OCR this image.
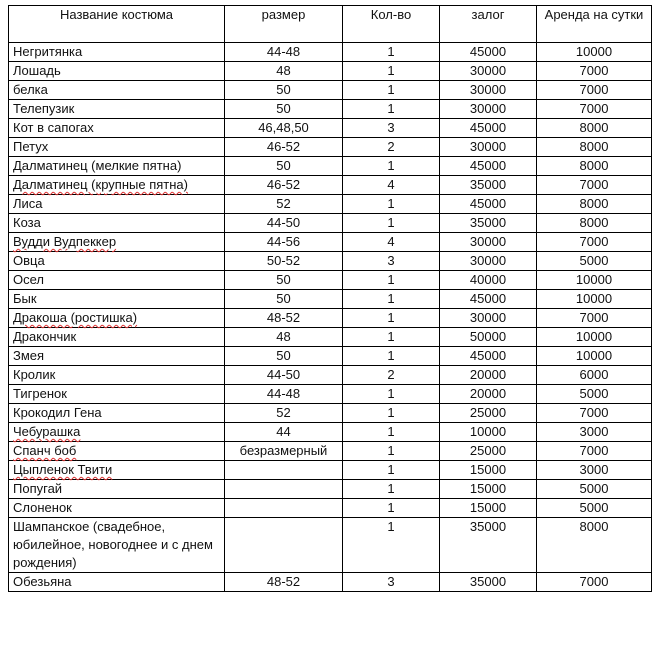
Название костюма	размер	Кол-во	залог	Аренда на сутки
Негритянка	44-48	1	45000	10000
Лошадь	48	1	30000	7000
белка	50	1	30000	7000
Телепузик	50	1	30000	7000
Кот в сапогах	46,48,50	3	45000	8000
Петух	46-52	2	30000	8000
Далматинец (мелкие пятна)	50	1	45000	8000
Далматинец (крупные пятна)	46-52	4	35000	7000
Лиса	52	1	45000	8000
Коза	44-50	1	35000	8000
Вудди Вудпеккер	44-56	4	30000	7000
Овца	50-52	3	30000	5000
Осел	50	1	40000	10000
Бык	50	1	45000	10000
Дракоша (ростишка)	48-52	1	30000	7000
Дракончик	48	1	50000	10000
Змея	50	1	45000	10000
Кролик	44-50	2	20000	6000
Тигренок	44-48	1	20000	5000
Крокодил Гена	52	1	25000	7000
Чебурашка	44	1	10000	3000
Спанч боб	безразмерный	1	25000	7000
Цыпленок Твити		1	15000	3000
Попугай		1	15000	5000
Слоненок		1	15000	5000
Шампанское (свадебное, юбилейное, новогоднее и с днем рождения)		1	35000	8000
Обезьяна	48-52	3	35000	7000
